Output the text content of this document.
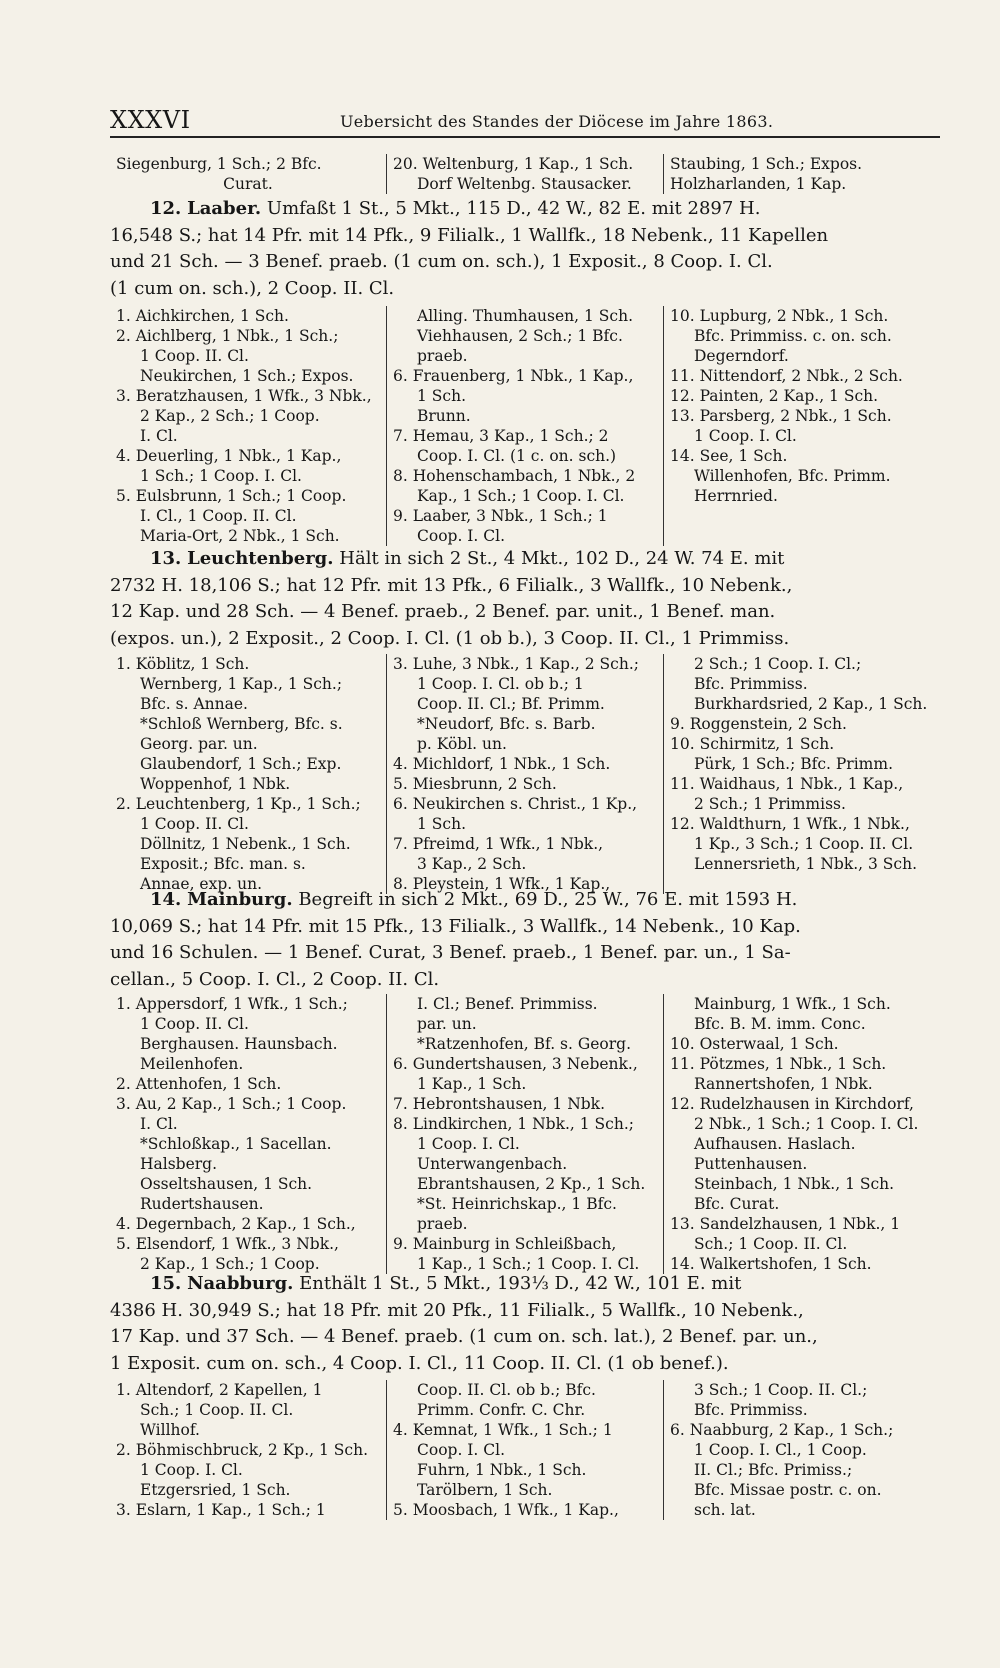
XXXVI	Uebersicht des Standes der Diöcese im Jahre 1863.
Siegenburg, 1 Sch.; 2 Bfc.
Curat.
20. Weltenburg, 1 Kap., 1 Sch.
Dorf Weltenbg. Stausacker.
Staubing, 1 Sch.; Expos.
Holzharlanden, 1 Kap.
12. Laaber. Umfaßt 1 St., 5 Mkt., 115 D., 42 W., 82 E. mit 2897 H.
16,548 S.; hat 14 Pfr. mit 14 Pfk., 9 Filialk., 1 Wallfk., 18 Nebenk., 11 Kapellen
und 21 Sch. — 3 Benef. praeb. (1 cum on. sch.), 1 Exposit., 8 Coop. I. Cl.
(1 cum on. sch.), 2 Coop. II. Cl.
1. Aichkirchen, 1 Sch.
2. Aichlberg, 1 Nbk., 1 Sch.;
1 Coop. II. Cl.
Neukirchen, 1 Sch.; Expos.
3. Beratzhausen, 1 Wfk., 3 Nbk.,
2 Kap., 2 Sch.; 1 Coop.
I. Cl.
4. Deuerling, 1 Nbk., 1 Kap.,
1 Sch.; 1 Coop. I. Cl.
5. Eulsbrunn, 1 Sch.; 1 Coop.
I. Cl., 1 Coop. II. Cl.
Maria-Ort, 2 Nbk., 1 Sch.
Alling. Thumhausen, 1 Sch.
Viehhausen, 2 Sch.; 1 Bfc.
praeb.
6. Frauenberg, 1 Nbk., 1 Kap.,
1 Sch.
Brunn.
7. Hemau, 3 Kap., 1 Sch.; 2
Coop. I. Cl. (1 c. on. sch.)
8. Hohenschambach, 1 Nbk., 2
Kap., 1 Sch.; 1 Coop. I. Cl.
9. Laaber, 3 Nbk., 1 Sch.; 1
Coop. I. Cl.
10. Lupburg, 2 Nbk., 1 Sch.
Bfc. Primmiss. c. on. sch.
Degerndorf.
11. Nittendorf, 2 Nbk., 2 Sch.
12. Painten, 2 Kap., 1 Sch.
13. Parsberg, 2 Nbk., 1 Sch.
1 Coop. I. Cl.
14. See, 1 Sch.
Willenhofen, Bfc. Primm.
Herrnried.
13. Leuchtenberg. Hält in sich 2 St., 4 Mkt., 102 D., 24 W. 74 E. mit
2732 H. 18,106 S.; hat 12 Pfr. mit 13 Pfk., 6 Filialk., 3 Wallfk., 10 Nebenk.,
12 Kap. und 28 Sch. — 4 Benef. praeb., 2 Benef. par. unit., 1 Benef. man.
(expos. un.), 2 Exposit., 2 Coop. I. Cl. (1 ob b.), 3 Coop. II. Cl., 1 Primmiss.
1. Köblitz, 1 Sch.
Wernberg, 1 Kap., 1 Sch.;
Bfc. s. Annae.
*Schloß Wernberg, Bfc. s.
Georg. par. un.
Glaubendorf, 1 Sch.; Exp.
Woppenhof, 1 Nbk.
2. Leuchtenberg, 1 Kp., 1 Sch.;
1 Coop. II. Cl.
Döllnitz, 1 Nebenk., 1 Sch.
Exposit.; Bfc. man. s.
Annae, exp. un.
3. Luhe, 3 Nbk., 1 Kap., 2 Sch.;
1 Coop. I. Cl. ob b.; 1
Coop. II. Cl.; Bf. Primm.
*Neudorf, Bfc. s. Barb.
p. Köbl. un.
4. Michldorf, 1 Nbk., 1 Sch.
5. Miesbrunn, 2 Sch.
6. Neukirchen s. Christ., 1 Kp.,
1 Sch.
7. Pfreimd, 1 Wfk., 1 Nbk.,
3 Kap., 2 Sch.
8. Pleystein, 1 Wfk., 1 Kap.,
2 Sch.; 1 Coop. I. Cl.;
Bfc. Primmiss.
Burkhardsried, 2 Kap., 1 Sch.
9. Roggenstein, 2 Sch.
10. Schirmitz, 1 Sch.
Pürk, 1 Sch.; Bfc. Primm.
11. Waidhaus, 1 Nbk., 1 Kap.,
2 Sch.; 1 Primmiss.
12. Waldthurn, 1 Wfk., 1 Nbk.,
1 Kp., 3 Sch.; 1 Coop. II. Cl.
Lennersrieth, 1 Nbk., 3 Sch.
14. Mainburg. Begreift in sich 2 Mkt., 69 D., 25 W., 76 E. mit 1593 H.
10,069 S.; hat 14 Pfr. mit 15 Pfk., 13 Filialk., 3 Wallfk., 14 Nebenk., 10 Kap.
und 16 Schulen. — 1 Benef. Curat, 3 Benef. praeb., 1 Benef. par. un., 1 Sa-
cellan., 5 Coop. I. Cl., 2 Coop. II. Cl.
1. Appersdorf, 1 Wfk., 1 Sch.;
1 Coop. II. Cl.
Berghausen. Haunsbach.
Meilenhofen.
2. Attenhofen, 1 Sch.
3. Au, 2 Kap., 1 Sch.; 1 Coop.
I. Cl.
*Schloßkap., 1 Sacellan.
Halsberg.
Osseltshausen, 1 Sch.
Rudertshausen.
4. Degernbach, 2 Kap., 1 Sch.,
5. Elsendorf, 1 Wfk., 3 Nbk.,
2 Kap., 1 Sch.; 1 Coop.
I. Cl.; Benef. Primmiss.
par. un.
*Ratzenhofen, Bf. s. Georg.
6. Gundertshausen, 3 Nebenk.,
1 Kap., 1 Sch.
7. Hebrontshausen, 1 Nbk.
8. Lindkirchen, 1 Nbk., 1 Sch.;
1 Coop. I. Cl.
Unterwangenbach.
Ebrantshausen, 2 Kp., 1 Sch.
*St. Heinrichskap., 1 Bfc.
praeb.
9. Mainburg in Schleißbach,
1 Kap., 1 Sch.; 1 Coop. I. Cl.
Mainburg, 1 Wfk., 1 Sch.
Bfc. B. M. imm. Conc.
10. Osterwaal, 1 Sch.
11. Pötzmes, 1 Nbk., 1 Sch.
Rannertshofen, 1 Nbk.
12. Rudelzhausen in Kirchdorf,
2 Nbk., 1 Sch.; 1 Coop. I. Cl.
Aufhausen. Haslach.
Puttenhausen.
Steinbach, 1 Nbk., 1 Sch.
Bfc. Curat.
13. Sandelzhausen, 1 Nbk., 1
Sch.; 1 Coop. II. Cl.
14. Walkertshofen, 1 Sch.
15. Naabburg. Enthält 1 St., 5 Mkt., 193⅓ D., 42 W., 101 E. mit
4386 H. 30,949 S.; hat 18 Pfr. mit 20 Pfk., 11 Filialk., 5 Wallfk., 10 Nebenk.,
17 Kap. und 37 Sch. — 4 Benef. praeb. (1 cum on. sch. lat.), 2 Benef. par. un.,
1 Exposit. cum on. sch., 4 Coop. I. Cl., 11 Coop. II. Cl. (1 ob benef.).
1. Altendorf, 2 Kapellen, 1
Sch.; 1 Coop. II. Cl.
Willhof.
2. Böhmischbruck, 2 Kp., 1 Sch.
1 Coop. I. Cl.
Etzgersried, 1 Sch.
3. Eslarn, 1 Kap., 1 Sch.; 1
Coop. II. Cl. ob b.; Bfc.
Primm. Confr. C. Chr.
4. Kemnat, 1 Wfk., 1 Sch.; 1
Coop. I. Cl.
Fuhrn, 1 Nbk., 1 Sch.
Tarölbern, 1 Sch.
5. Moosbach, 1 Wfk., 1 Kap.,
3 Sch.; 1 Coop. II. Cl.;
Bfc. Primmiss.
6. Naabburg, 2 Kap., 1 Sch.;
1 Coop. I. Cl., 1 Coop.
II. Cl.; Bfc. Primiss.;
Bfc. Missae postr. c. on.
sch. lat.
